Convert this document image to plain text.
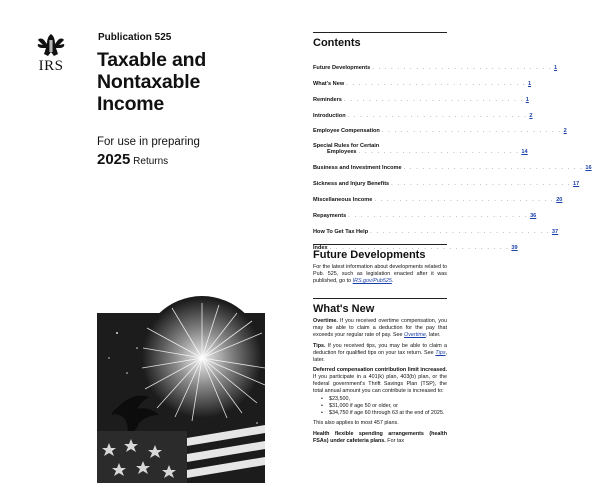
IRS
Publication 525
Taxable and
Nontaxable
Income
For use in preparing
2025 Returns
Contents
Future Developments . . . . . . . . . . . . . . . . . . . . . . . . . . . . . 1
What's New . . . . . . . . . . . . . . . . . . . . . . . . . . . . . 1
Reminders . . . . . . . . . . . . . . . . . . . . . . . . . . . . . 1
Introduction . . . . . . . . . . . . . . . . . . . . . . . . . . . . . 2
Employee Compensation . . . . . . . . . . . . . . . . . . . . . . . . . . . . . 2
Special Rules for Certain
Employees . . . . . . . . . . . . . . . . . . . . . . . . . . 14
Business and Investment Income . . . . . . . . . . . . . . . . . . . . . . . . . . . . . 16
Sickness and Injury Benefits . . . . . . . . . . . . . . . . . . . . . . . . . . . . . 17
Miscellaneous Income . . . . . . . . . . . . . . . . . . . . . . . . . . . . . 20
Repayments . . . . . . . . . . . . . . . . . . . . . . . . . . . . . 36
How To Get Tax Help . . . . . . . . . . . . . . . . . . . . . . . . . . . . . 37
Index . . . . . . . . . . . . . . . . . . . . . . . . . . . . . 39
Future Developments
For the latest information about developments related to Pub. 525, such as legislation enacted after it was published, go to IRS.gov/Pub525.
What's New
Overtime. If you received overtime compensation, you may be able to claim a deduction for the pay that exceeds your regular rate of pay. See Overtime, later.
Tips. If you received tips, you may be able to claim a deduction for qualified tips on your tax return. See Tips, later.
Deferred compensation contribution limit increased. If you participate in a 401(k) plan, 403(b) plan, or the federal government's Thrift Savings Plan (TSP), the total annual amount you can contribute is increased to:
• $23,500,
• $31,000 if age 50 or older, or
• $34,750 if age 60 through 63 at the end of 2025.
This also applies to most 457 plans.
Health flexible spending arrangements (health FSAs) under cafeteria plans. For tax
